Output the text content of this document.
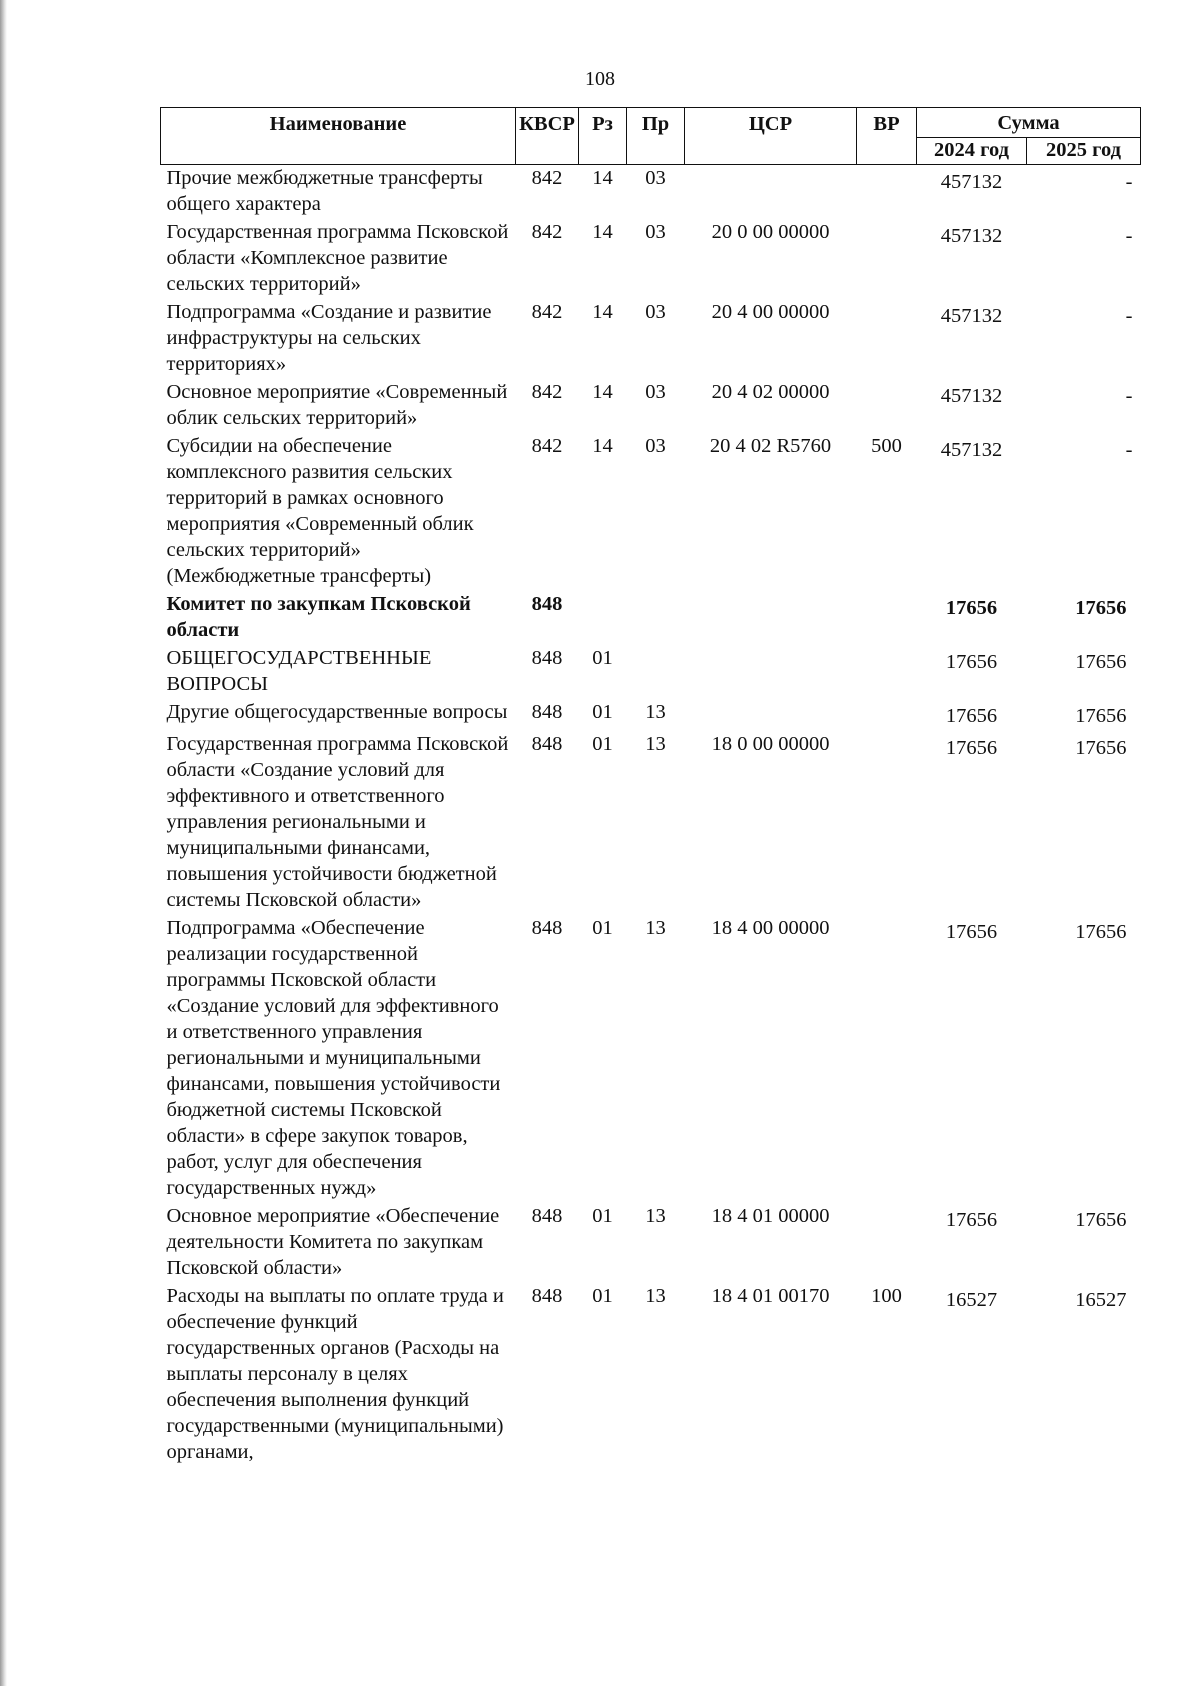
108
Наименование	КВСР	Рз	Пр	ЦСР	ВР	Сумма	
						2024 год	2025 год
Прочие межбюджетные трансферты общего характера	842	14	03			457132	-
Государственная программа Псковской области «Комплексное развитие сельских территорий»	842	14	03	20 0 00 00000		457132	-
Подпрограмма «Создание и развитие инфраструктуры на сельских территориях»	842	14	03	20 4 00 00000		457132	-
Основное мероприятие «Современный облик сельских территорий»	842	14	03	20 4 02 00000		457132	-
Субсидии на обеспечение комплексного развития сельских территорий в рамках основного мероприятия «Современный облик сельских территорий» (Межбюджетные трансферты)	842	14	03	20 4 02 R5760	500	457132	-
Комитет по закупкам Псковской области	848					17656	17656
ОБЩЕГОСУДАРСТВЕННЫЕ ВОПРОСЫ	848	01				17656	17656
Другие общегосударственные вопросы	848	01	13			17656	17656
Государственная программа Псковской области «Создание условий для эффективного и ответственного управления региональными и муниципальными финансами, повышения устойчивости бюджетной системы Псковской области»	848	01	13	18 0 00 00000		17656	17656
Подпрограмма «Обеспечение реализации государственной программы Псковской области «Создание условий для эффективного и ответственного управления региональными и муниципальными финансами, повышения устойчивости бюджетной системы Псковской области» в сфере закупок товаров, работ, услуг для обеспечения государственных нужд»	848	01	13	18 4 00 00000		17656	17656
Основное мероприятие «Обеспечение деятельности Комитета по закупкам Псковской области»	848	01	13	18 4 01 00000		17656	17656
Расходы на выплаты по оплате труда и обеспечение функций государственных органов (Расходы на выплаты персоналу в целях обеспечения выполнения функций государственными (муниципальными) органами,	848	01	13	18 4 01 00170	100	16527	16527
